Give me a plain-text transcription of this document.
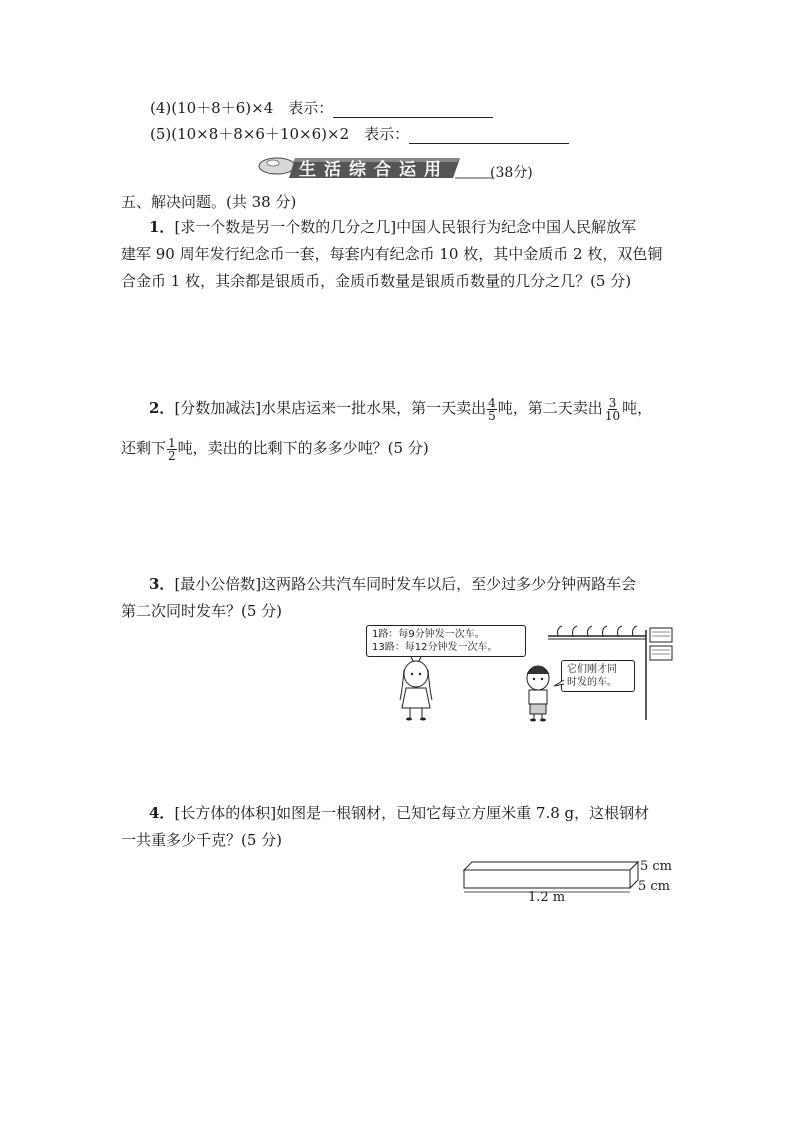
(4)(10＋8＋6)×4　表示：
(5)(10×8＋8×6＋10×6)×2　表示：
生活综合运用	(38分)
五、解决问题。(共 38 分)
1．[求一个数是另一个数的几分之几]中国人民银行为纪念中国人民解放军
建军 90 周年发行纪念币一套，每套内有纪念币 10 枚，其中金质币 2 枚，双色铜
合金币 1 枚，其余都是银质币，金质币数量是银质币数量的几分之几？(5 分)
2．[分数加减法]水果店运来一批水果，第一天卖出 $\frac{4}{5}$ 吨，第二天卖出 $\frac{3}{10}$ 吨，
还剩下 $\frac{1}{2}$ 吨，卖出的比剩下的多多少吨？(5 分)
3．[最小公倍数]这两路公共汽车同时发车以后，至少过多少分钟两路车会
第二次同时发车？(5 分)
1路：每9分钟发一次车。
13路：每12分钟发一次车。
它们刚才同
时发的车。
4．[长方体的体积]如图是一根钢材，已知它每立方厘米重 7.8 g，这根钢材
一共重多少千克？(5 分)
5 cm
5 cm
1.2 m
